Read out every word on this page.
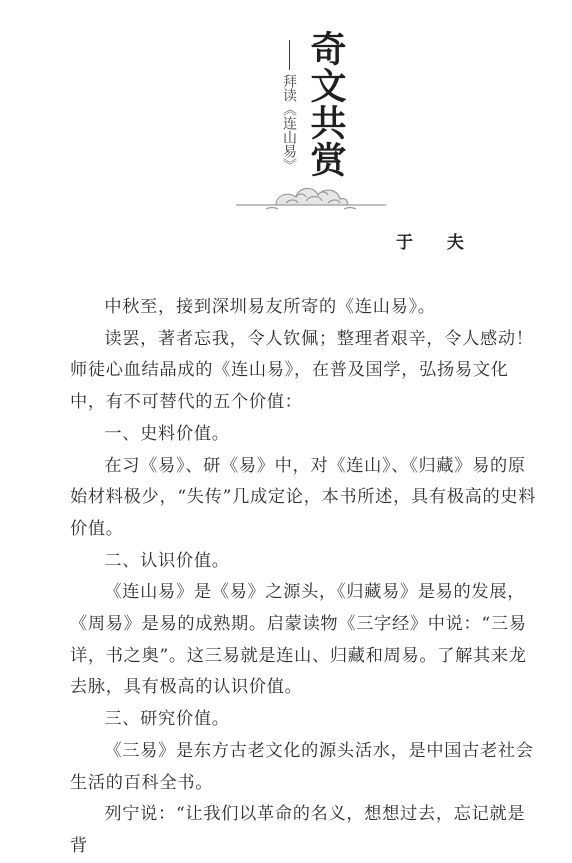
奇文共赏
拜读《连山易》
于 夫

中秋至，接到深圳易友所寄的《连山易》。

读罢，著者忘我，令人钦佩；整理者艰辛，令人感动！师徒心血结晶成的《连山易》，在普及国学，弘扬易文化中，有不可替代的五个价值：

一、史料价值。

在习《易》、研《易》中，对《连山》、《归藏》易的原始材料极少，“失传”几成定论，本书所述，具有极高的史料价值。

二、认识价值。

《连山易》是《易》之源头，《归藏易》是易的发展，《周易》是易的成熟期。启蒙读物《三字经》中说：“三易详，书之奥”。这三易就是连山、归藏和周易。了解其来龙去脉，具有极高的认识价值。

三、研究价值。

《三易》是东方古老文化的源头活水，是中国古老社会生活的百科全书。

列宁说：“让我们以革命的名义，想想过去，忘记就是背
